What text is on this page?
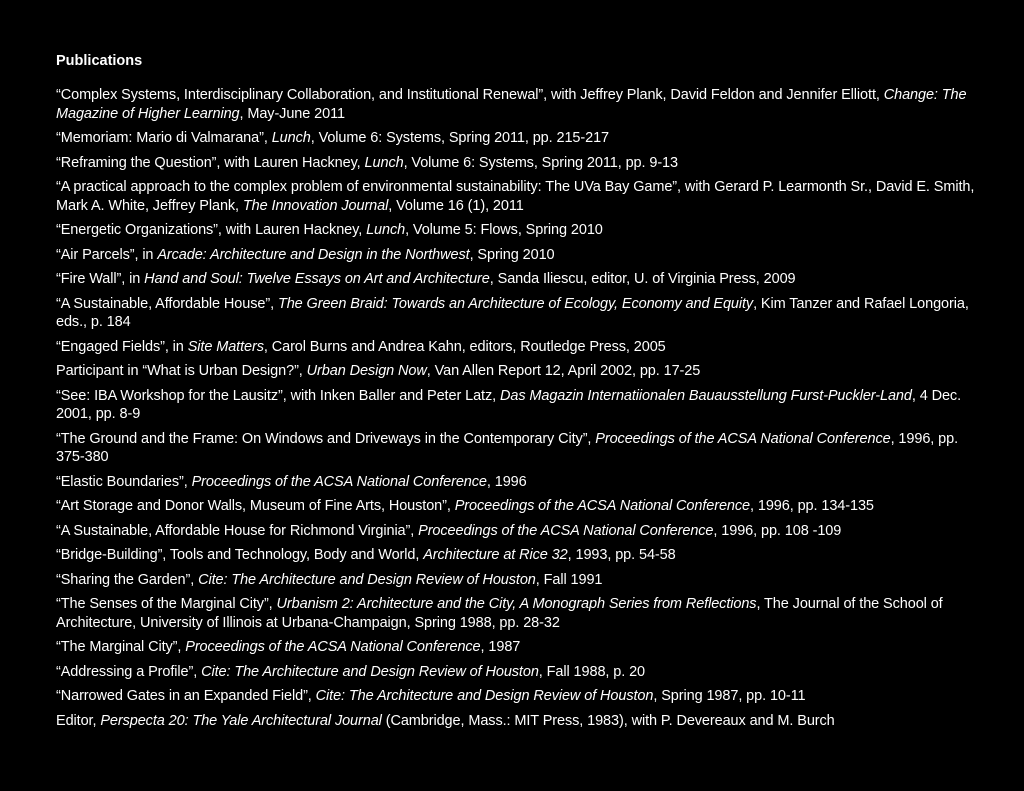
Publications

“Complex Systems, Interdisciplinary Collaboration, and Institutional Renewal”, with Jeffrey Plank, David Feldon and Jennifer Elliott, Change: The Magazine of Higher Learning, May-June 2011

“Memoriam: Mario di Valmarana”, Lunch, Volume 6: Systems, Spring 2011, pp. 215-217

“Reframing the Question”, with Lauren Hackney, Lunch, Volume 6: Systems, Spring 2011, pp. 9-13

“A practical approach to the complex problem of environmental sustainability: The UVa Bay Game”, with Gerard P. Learmonth Sr., David E. Smith, Mark A. White, Jeffrey Plank, The Innovation Journal, Volume 16 (1), 2011

“Energetic Organizations”, with Lauren Hackney, Lunch, Volume 5: Flows, Spring 2010

“Air Parcels”, in Arcade: Architecture and Design in the Northwest, Spring 2010

“Fire Wall”, in Hand and Soul: Twelve Essays on Art and Architecture, Sanda Iliescu, editor, U. of Virginia Press, 2009

“A Sustainable, Affordable House”, The Green Braid: Towards an Architecture of Ecology, Economy and Equity, Kim Tanzer and Rafael Longoria, eds., p. 184

“Engaged Fields”, in Site Matters, Carol Burns and Andrea Kahn, editors, Routledge Press, 2005

Participant in “What is Urban Design?”, Urban Design Now, Van Allen Report 12, April 2002, pp. 17-25

“See: IBA Workshop for the Lausitz”, with Inken Baller and Peter Latz, Das Magazin Internatiionalen Bauausstellung Furst-Puckler-Land, 4 Dec. 2001, pp. 8-9

“The Ground and the Frame: On Windows and Driveways in the Contemporary City”, Proceedings of the ACSA National Conference, 1996, pp. 375-380

“Elastic Boundaries”, Proceedings of the ACSA National Conference, 1996

“Art Storage and Donor Walls, Museum of Fine Arts, Houston”, Proceedings of the ACSA National Conference, 1996, pp. 134-135

“A Sustainable, Affordable House for Richmond Virginia”, Proceedings of the ACSA National Conference, 1996, pp. 108 -109

“Bridge-Building”, Tools and Technology, Body and World, Architecture at Rice 32, 1993, pp. 54-58

“Sharing the Garden”, Cite: The Architecture and Design Review of Houston, Fall 1991

“The Senses of the Marginal City”, Urbanism 2: Architecture and the City, A Monograph Series from Reflections, The Journal of the School of Architecture, University of Illinois at Urbana-Champaign, Spring 1988, pp. 28-32

“The Marginal City”, Proceedings of the ACSA National Conference, 1987

“Addressing a Profile”, Cite: The Architecture and Design Review of Houston, Fall 1988, p. 20

“Narrowed Gates in an Expanded Field”, Cite: The Architecture and Design Review of Houston, Spring 1987, pp. 10-11

Editor, Perspecta 20: The Yale Architectural Journal (Cambridge, Mass.: MIT Press, 1983), with P. Devereaux and M. Burch
